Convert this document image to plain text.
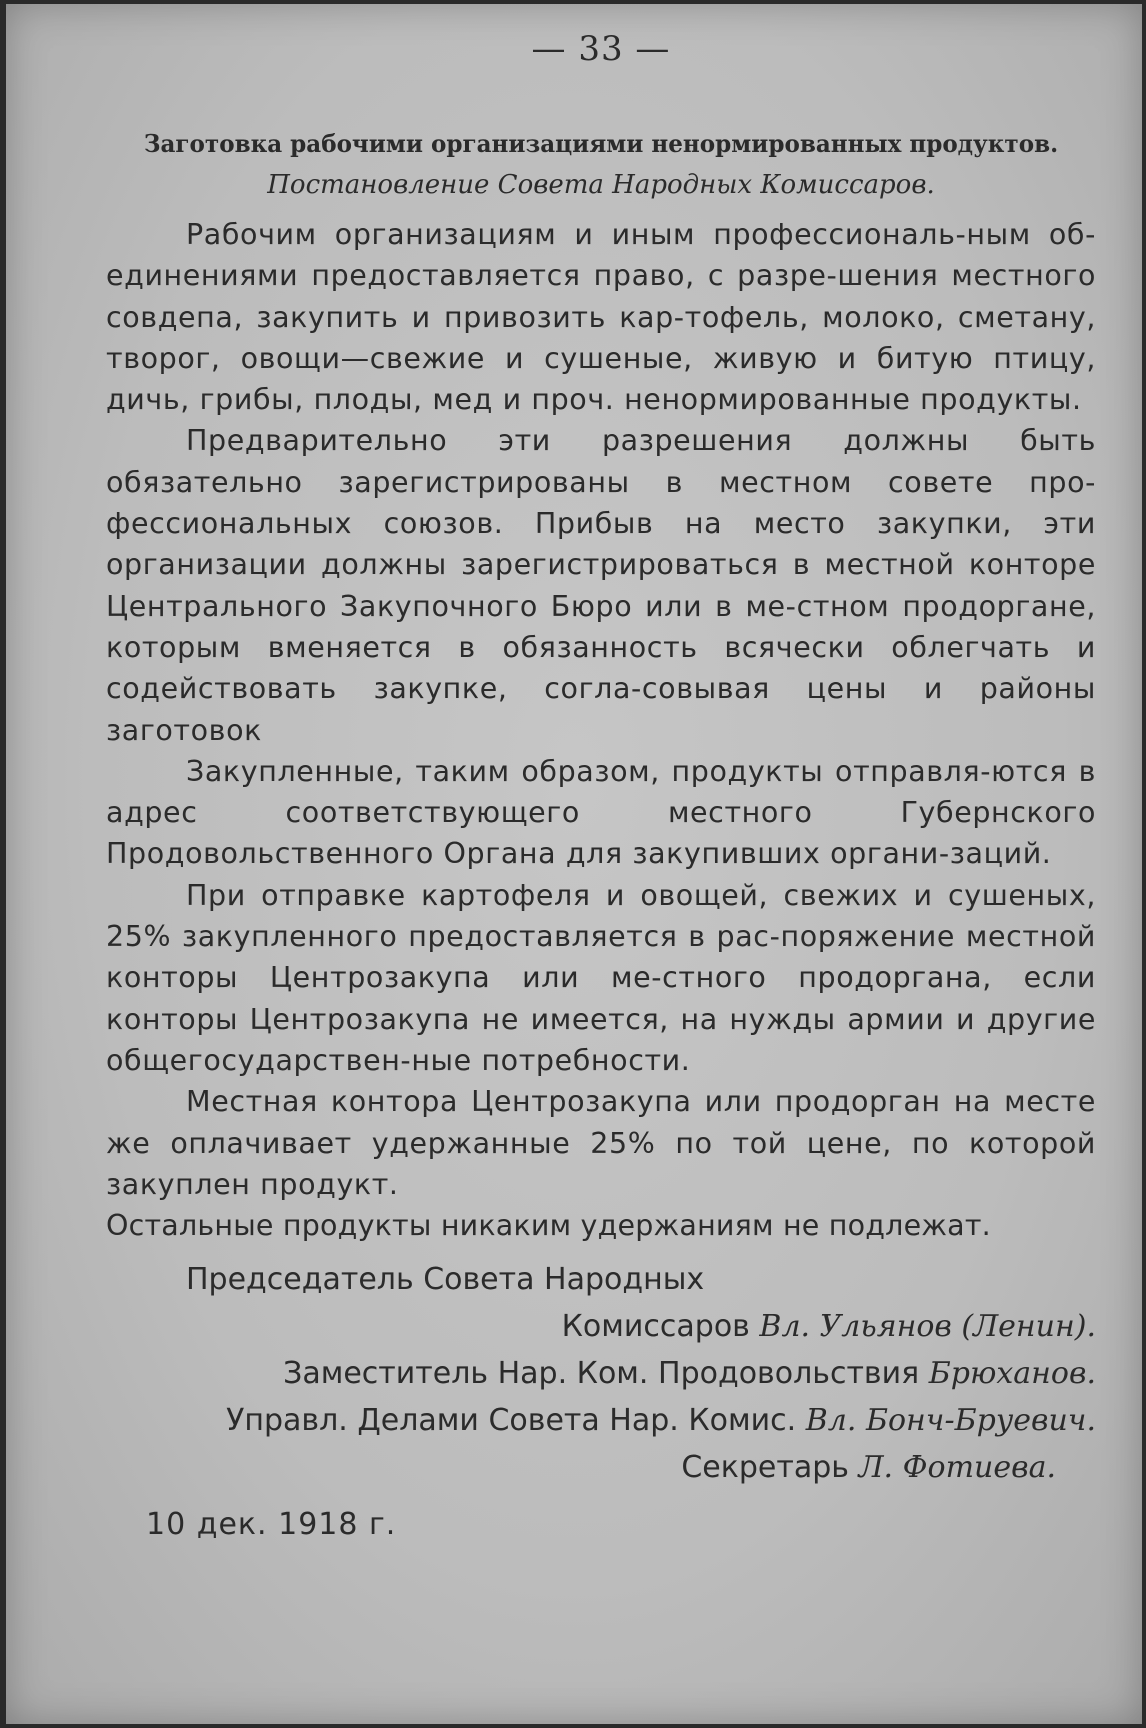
— 33 —
Заготовка рабочими организациями ненормированных продуктов.
Постановление Совета Народных Комиссаров.

Рабочим организациям и иным профессиональ-ным об-единениями предоставляется право, с разре-шения местного совдепа, закупить и привозить кар-тофель, молоко, сметану, творог, овощи—свежие и сушеные, живую и битую птицу, дичь, грибы, плоды, мед и проч. ненормированные продукты.

Предварительно эти разрешения должны быть обязательно зарегистрированы в местном совете про-фессиональных союзов. Прибыв на место закупки, эти организации должны зарегистрироваться в местной конторе Центрального Закупочного Бюро или в ме-стном продоргане, которым вменяется в обязанность всячески облегчать и содействовать закупке, согла-совывая цены и районы заготовок

Закупленные, таким образом, продукты отправля-ются в адрес соответствующего местного Губернского Продовольственного Органа для закупивших органи-заций.

При отправке картофеля и овощей, свежих и сушеных, 25% закупленного предоставляется в рас-поряжение местной конторы Центрозакупа или ме-стного продоргана, если конторы Центрозакупа не имеется, на нужды армии и другие общегосударствен-ные потребности.

Местная контора Центрозакупа или продорган на месте же оплачивает удержанные 25% по той цене, по которой закуплен продукт.

Остальные продукты никаким удержаниям не подлежат.

Председатель Совета Народных
Комиссаров Вл. Ульянов (Ленин).
Заместитель Нар. Ком. Продовольствия Брюханов.
Управл. Делами Совета Нар. Комис. Вл. Бонч-Бруевич.
Секретарь Л. Фотиева.
10 дек. 1918 г.
